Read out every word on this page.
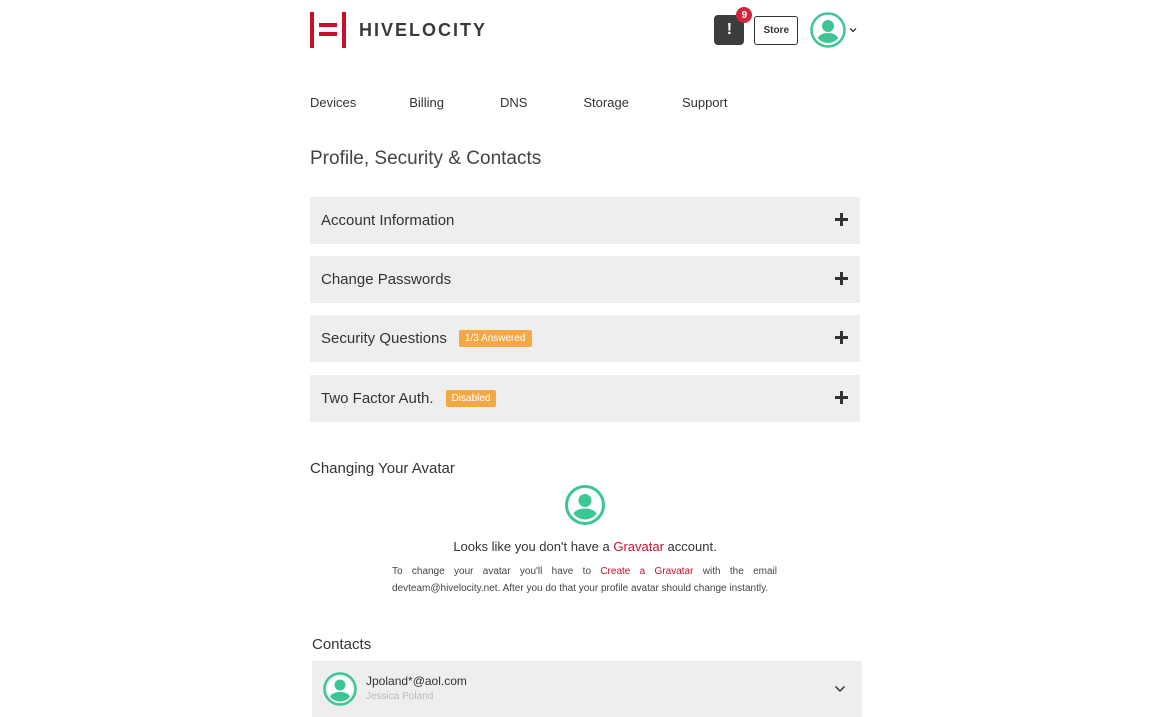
HIVELOCITY	!
9
Store
Devices	Billing	DNS	Storage	Support
Profile, Security & Contacts
Account Information
Change Passwords
Security Questions	1/3 Answered
Two Factor Auth.	Disabled
Changing Your Avatar
Looks like you don't have a Gravatar account.
To change your avatar you'll have to Create a Gravatar with the email devteam@hivelocity.net. After you do that your profile avatar should change instantly.
Contacts
Jpoland*@aol.com
Jessica Poland
